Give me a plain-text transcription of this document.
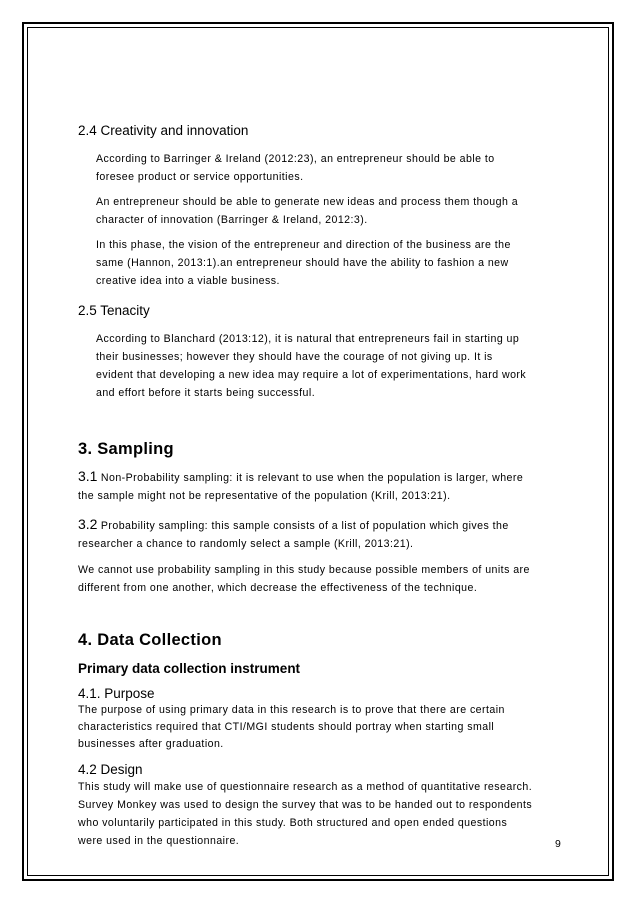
2.4 Creativity and innovation
According to Barringer & Ireland (2012:23), an entrepreneur should be able to
foresee product or service opportunities.
An entrepreneur should be able to generate new ideas and process them though a
character of innovation (Barringer & Ireland, 2012:3).
In this phase, the vision of the entrepreneur and direction of the business are the
same (Hannon, 2013:1).an entrepreneur should have the ability to fashion a new
creative idea into a viable business.
2.5 Tenacity
According to Blanchard (2013:12), it is natural that entrepreneurs fail in starting up
their businesses; however they should have the courage of not giving up. It is
evident that developing a new idea may require a lot of experimentations, hard work
and effort before it starts being successful.
3. Sampling
3.1 Non-Probability sampling: it is relevant to use when the population is larger, where
the sample might not be representative of the population (Krill, 2013:21).
3.2 Probability sampling: this sample consists of a list of population which gives the
researcher a chance to randomly select a sample (Krill, 2013:21).
We cannot use probability sampling in this study because possible members of units are
different from one another, which decrease the effectiveness of the technique.
4. Data Collection
Primary data collection instrument
4.1. Purpose
The purpose of using primary data in this research is to prove that there are certain
characteristics required that CTI/MGI students should portray when starting small
businesses after graduation.
4.2 Design
This study will make use of questionnaire research as a method of quantitative research.
Survey Monkey was used to design the survey that was to be handed out to respondents
who voluntarily participated in this study. Both structured and open ended questions
were used in the questionnaire.	9
